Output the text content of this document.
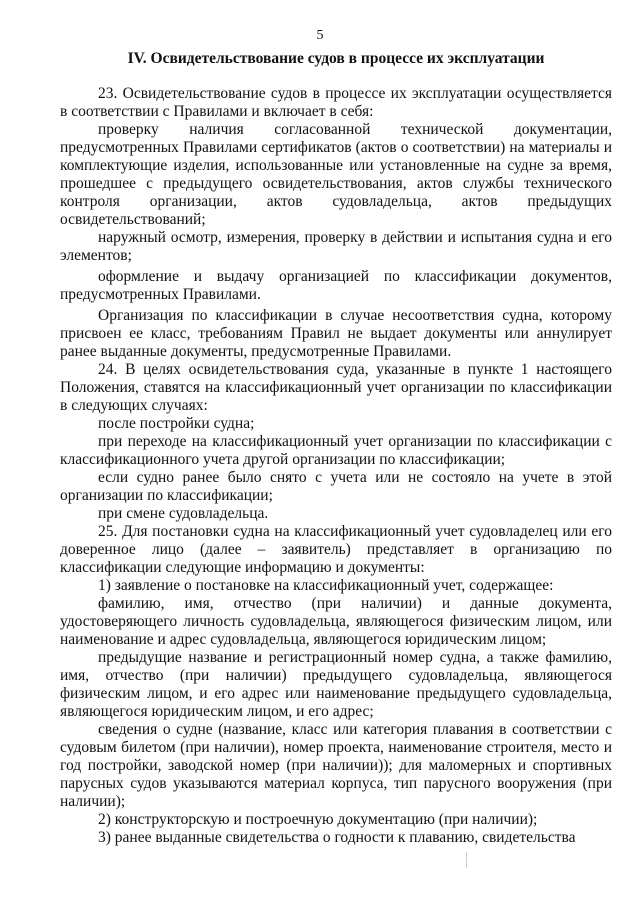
5
IV. Освидетельствование судов в процессе их эксплуатации

23. Освидетельствование судов в процессе их эксплуатации осуществляется в соответствии с Правилами и включает в себя:

проверку наличия согласованной технической документации, предусмотренных Правилами сертификатов (актов о соответствии) на материалы и комплектующие изделия, использованные или установленные на судне за время, прошедшее с предыдущего освидетельствования, актов службы технического контроля организации, актов судовладельца, актов предыдущих освидетельствований;

наружный осмотр, измерения, проверку в действии и испытания судна и его элементов;

оформление и выдачу организацией по классификации документов, предусмотренных Правилами.

Организация по классификации в случае несоответствия судна, которому присвоен ее класс, требованиям Правил не выдает документы или аннулирует ранее выданные документы, предусмотренные Правилами.

24. В целях освидетельствования суда, указанные в пункте 1 настоящего Положения, ставятся на классификационный учет организации по классификации в следующих случаях:

после постройки судна;

при переходе на классификационный учет организации по классификации с классификационного учета другой организации по классификации;

если судно ранее было снято с учета или не состояло на учете в этой организации по классификации;

при смене судовладельца.

25. Для постановки судна на классификационный учет судовладелец или его доверенное лицо (далее – заявитель) представляет в организацию по классификации следующие информацию и документы:

1) заявление о постановке на классификационный учет, содержащее:

фамилию, имя, отчество (при наличии) и данные документа, удостоверяющего личность судовладельца, являющегося физическим лицом, или наименование и адрес судовладельца, являющегося юридическим лицом;

предыдущие название и регистрационный номер судна, а также фамилию, имя, отчество (при наличии) предыдущего судовладельца, являющегося физическим лицом, и его адрес или наименование предыдущего судовладельца, являющегося юридическим лицом, и его адрес;

сведения о судне (название, класс или категория плавания в соответствии с судовым билетом (при наличии), номер проекта, наименование строителя, место и год постройки, заводской номер (при наличии)); для маломерных и спортивных парусных судов указываются материал корпуса, тип парусного вооружения (при наличии);

2) конструкторскую и построечную документацию (при наличии);

3) ранее выданные свидетельства о годности к плаванию, свидетельства
